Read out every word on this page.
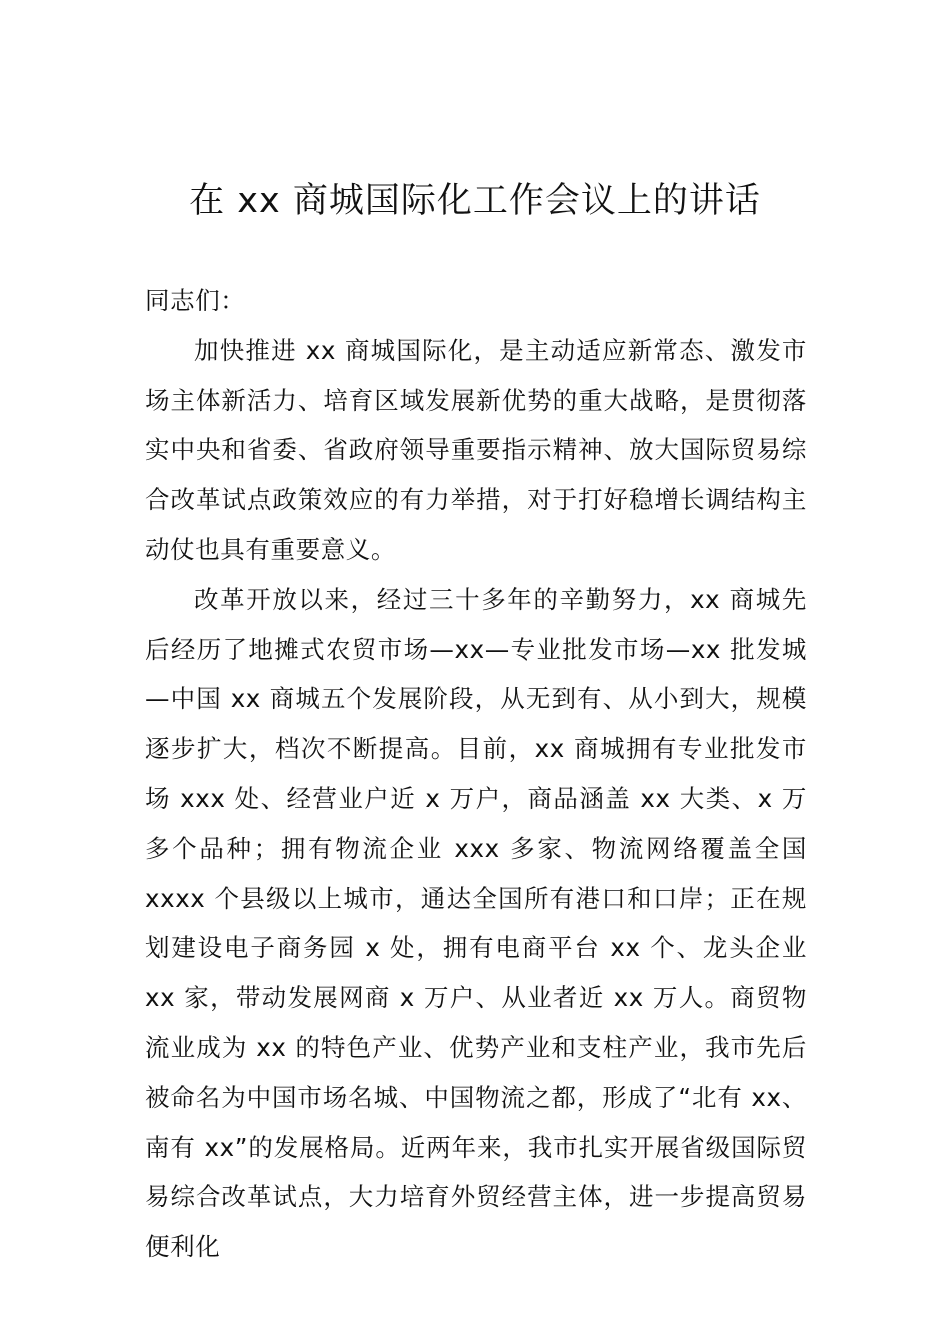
在 xx 商城国际化工作会议上的讲话

同志们：

加快推进 xx 商城国际化，是主动适应新常态、激发市场主体新活力、培育区域发展新优势的重大战略，是贯彻落实中央和省委、省政府领导重要指示精神、放大国际贸易综合改革试点政策效应的有力举措，对于打好稳增长调结构主动仗也具有重要意义。

改革开放以来，经过三十多年的辛勤努力，xx 商城先后经历了地摊式农贸市场—xx—专业批发市场—xx 批发城—中国 xx 商城五个发展阶段，从无到有、从小到大，规模逐步扩大，档次不断提高。目前，xx 商城拥有专业批发市场 xxx 处、经营业户近 x 万户，商品涵盖 xx 大类、x 万多个品种；拥有物流企业 xxx 多家、物流网络覆盖全国 xxxx 个县级以上城市，通达全国所有港口和口岸；正在规划建设电子商务园 x 处，拥有电商平台 xx 个、龙头企业 xx 家，带动发展网商 x 万户、从业者近 xx 万人。商贸物流业成为 xx 的特色产业、优势产业和支柱产业，我市先后被命名为中国市场名城、中国物流之都，形成了“北有 xx、南有 xx”的发展格局。近两年来，我市扎实开展省级国际贸易综合改革试点，大力培育外贸经营主体，进一步提高贸易便利化
